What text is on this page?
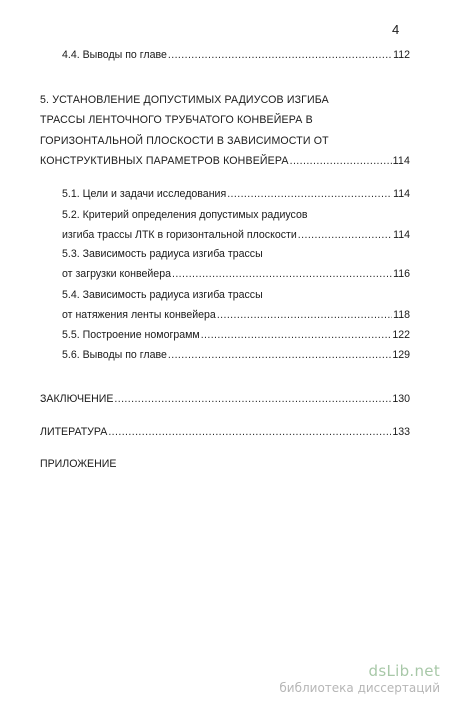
4
4.4. Выводы по главе .....	112
5. УСТАНОВЛЕНИЕ ДОПУСТИМЫХ РАДИУСОВ ИЗГИБА
ТРАССЫ ЛЕНТОЧНОГО ТРУБЧАТОГО КОНВЕЙЕРА В
ГОРИЗОНТАЛЬНОЙ ПЛОСКОСТИ В ЗАВИСИМОСТИ ОТ
КОНСТРУКТИВНЫХ ПАРАМЕТРОВ КОНВЕЙЕРА .....	114
5.1. Цели и задачи исследования .....	114
5.2. Критерий определения допустимых радиусов
изгиба трассы ЛТК в горизонтальной плоскости .....	114
5.3. Зависимость радиуса изгиба трассы
от загрузки конвейера .....	116
5.4. Зависимость радиуса изгиба трассы
от натяжения ленты конвейера .....	118
5.5. Построение номограмм .....	122
5.6. Выводы по главе .....	129
ЗАКЛЮЧЕНИЕ .....	130
ЛИТЕРАТУРА .....	133
ПРИЛОЖЕНИЕ
dsLib.net
библиотека диссертаций
